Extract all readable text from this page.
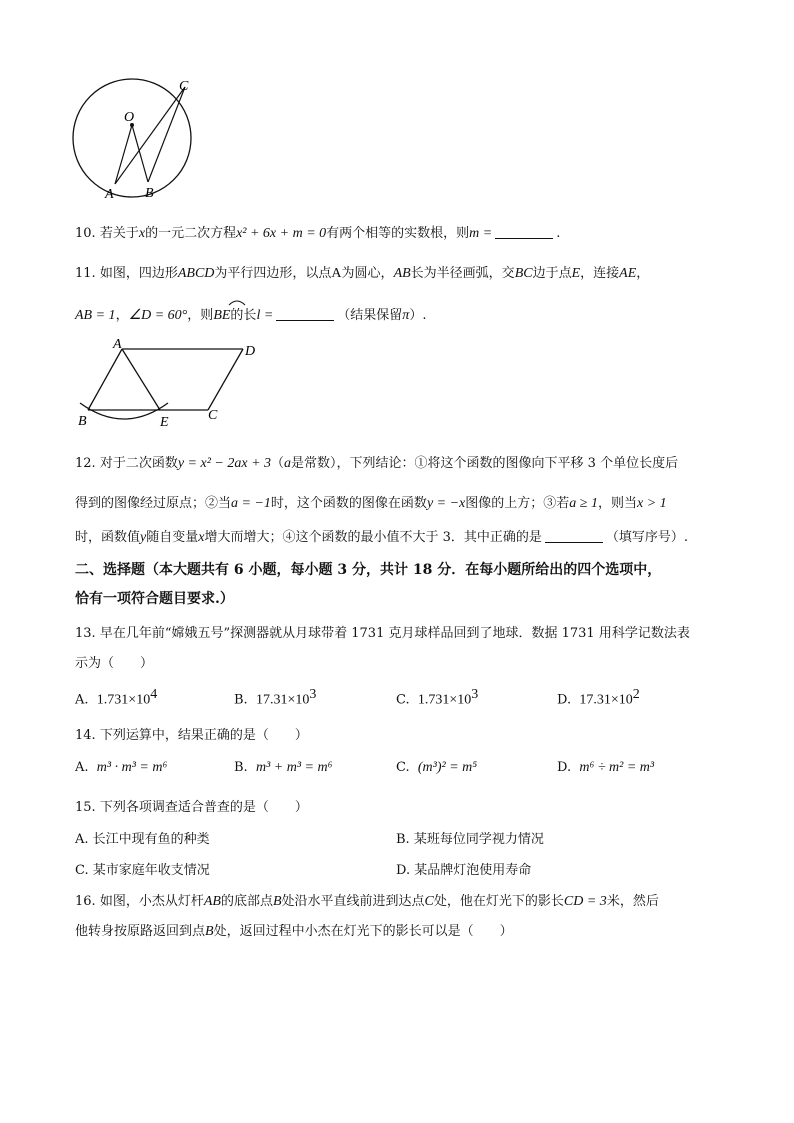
O
A B
C
10. 若关于x的一元二次方程x² + 6x + m = 0有两个相等的实数根，则m =	.
11. 如图，四边形ABCD为平行四边形，以点A为圆心，AB长为半径画弧，交BC边于点E，连接AE，
AB = 1，∠D = 60°，则BE的长l =	（结果保留π）.
A	D
B	E	C
12. 对于二次函数y = x² − 2ax + 3（a是常数），下列结论：①将这个函数的图像向下平移 3 个单位长度后
得到的图像经过原点；②当a = −1时，这个函数的图像在函数y = −x图像的上方；③若a ≥ 1，则当x > 1
时，函数值y随自变量x增大而增大；④这个函数的最小值不大于 3．其中正确的是	（填写序号）.
二、选择题（本大题共有 6 小题，每小题 3 分，共计 18 分．在每小题所给出的四个选项中，
恰有一项符合题目要求.）
13. 早在几年前“嫦娥五号”探测器就从月球带着 1731 克月球样品回到了地球．数据 1731 用科学记数法表
示为（　　）
A. $1.731\times 10^4$	B. $17.31\times 10^3$	C. $1.731\times 10^3$	D. $17.31\times 10^2$
14. 下列运算中，结果正确的是（　　）
A. m³ · m³ = m⁶	B. m³ + m³ = m⁶	C. (m³)² = m⁵	D. m⁶ ÷ m² = m³
15. 下列各项调查适合普查的是（　　）
A. 长江中现有鱼的种类	B. 某班每位同学视力情况
C. 某市家庭年收支情况	D. 某品牌灯泡使用寿命
16. 如图，小杰从灯杆AB的底部点B处沿水平直线前进到达点C处，他在灯光下的影长CD = 3米，然后
他转身按原路返回到点B处，返回过程中小杰在灯光下的影长可以是（　　）
